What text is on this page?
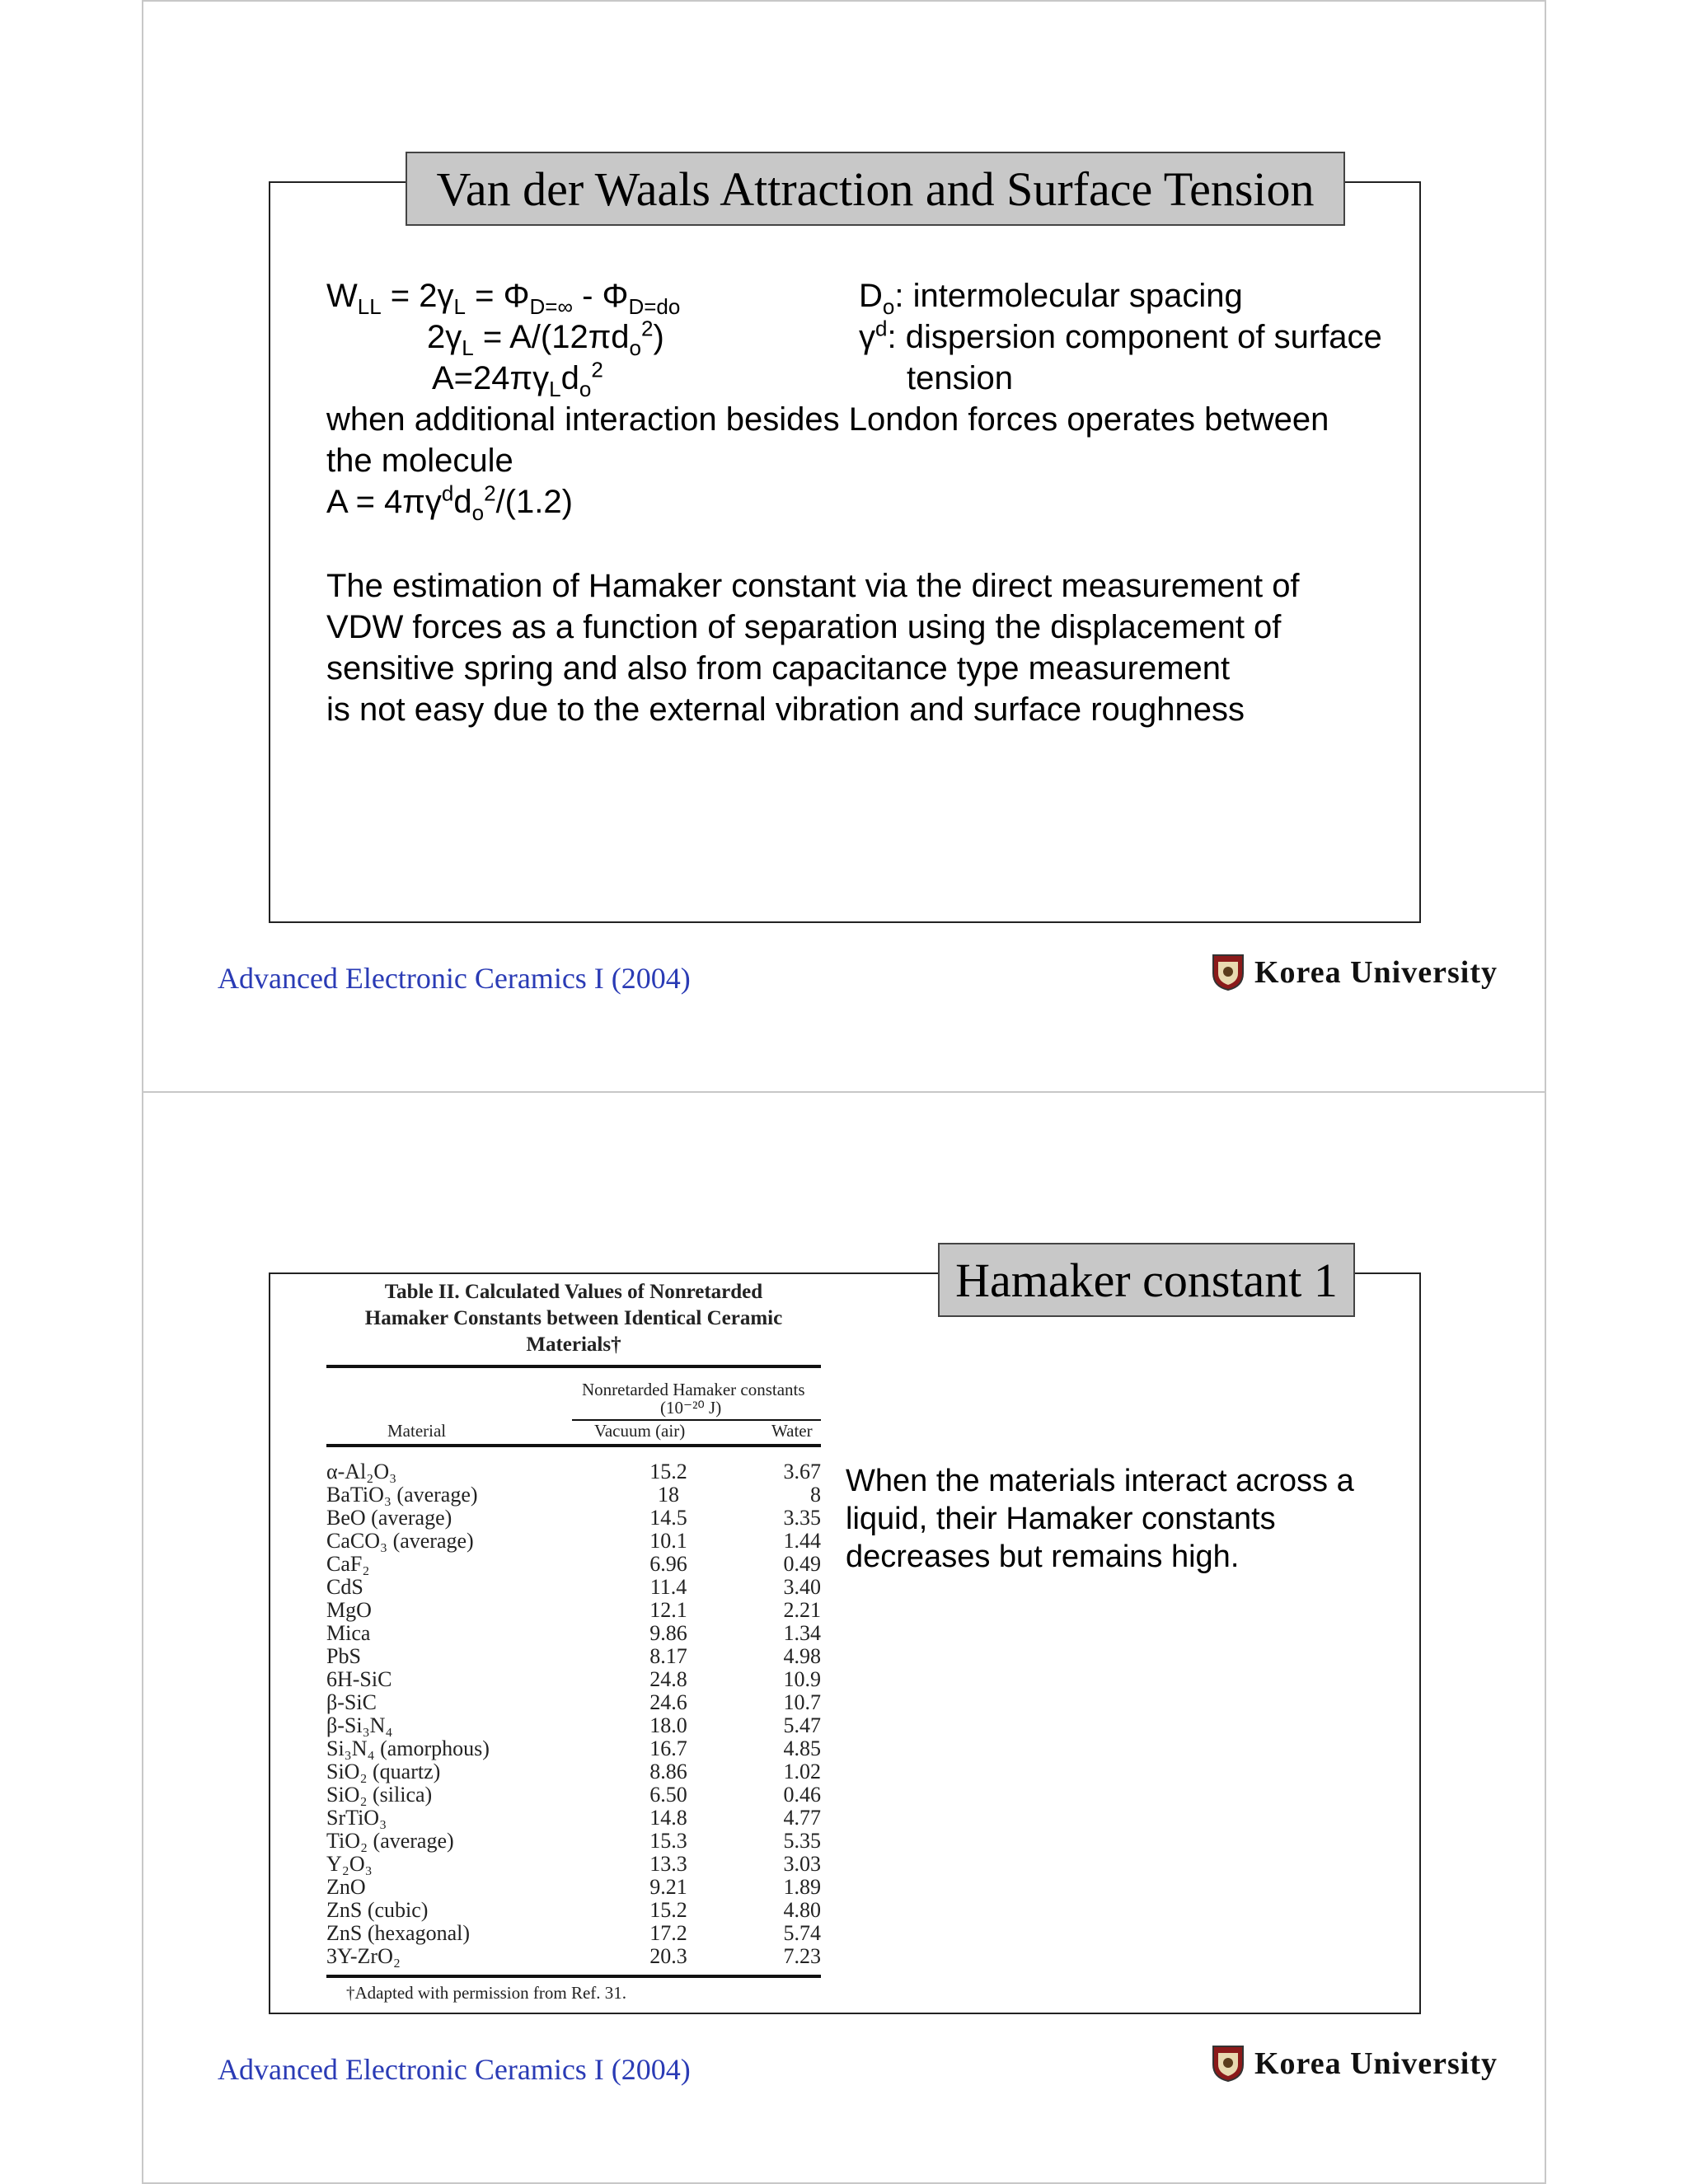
Van der Waals Attraction and Surface Tension
$W_{LL} = 2\gamma_L = \Phi_{D=\infty} - \Phi_{D=do}$
$2\gamma_L = A/(12\pi d_o^2)$
$A=24\pi\gamma_Ld_o^2$
$D_o$: intermolecular spacing
$\gamma^d$: dispersion component of surface
tension
when additional interaction besides London forces operates between
the molecule
$A = 4\pi\gamma^dd_o^2/(1.2)$
The estimation of Hamaker constant via the direct measurement of
VDW forces as a function of separation using the displacement of
sensitive spring and also from capacitance type measurement
is not easy due to the external vibration and surface roughness
Advanced Electronic Ceramics I (2004)	Korea University
Hamaker constant 1
Table II. Calculated Values of Nonretarded
Hamaker Constants between Identical Ceramic
Materials†
Nonretarded Hamaker constants
(10⁻²⁰ J)
Material	Vacuum (air)	Water
α-Al₂O₃	15.2	3.67
BaTiO₃ (average)	18	8
BeO (average)	14.5	3.35
CaCO₃ (average)	10.1	1.44
CaF₂	6.96	0.49
CdS	11.4	3.40
MgO	12.1	2.21
Mica	9.86	1.34
PbS	8.17	4.98
6H-SiC	24.8	10.9
β-SiC	24.6	10.7
β-Si₃N₄	18.0	5.47
Si₃N₄ (amorphous)	16.7	4.85
SiO₂ (quartz)	8.86	1.02
SiO₂ (silica)	6.50	0.46
SrTiO₃	14.8	4.77
TiO₂ (average)	15.3	5.35
Y₂O₃	13.3	3.03
ZnO	9.21	1.89
ZnS (cubic)	15.2	4.80
ZnS (hexagonal)	17.2	5.74
3Y-ZrO₂	20.3	7.23
†Adapted with permission from Ref. 31.
When the materials interact across a
liquid, their Hamaker constants
decreases but remains high.
Advanced Electronic Ceramics I (2004)	Korea University
